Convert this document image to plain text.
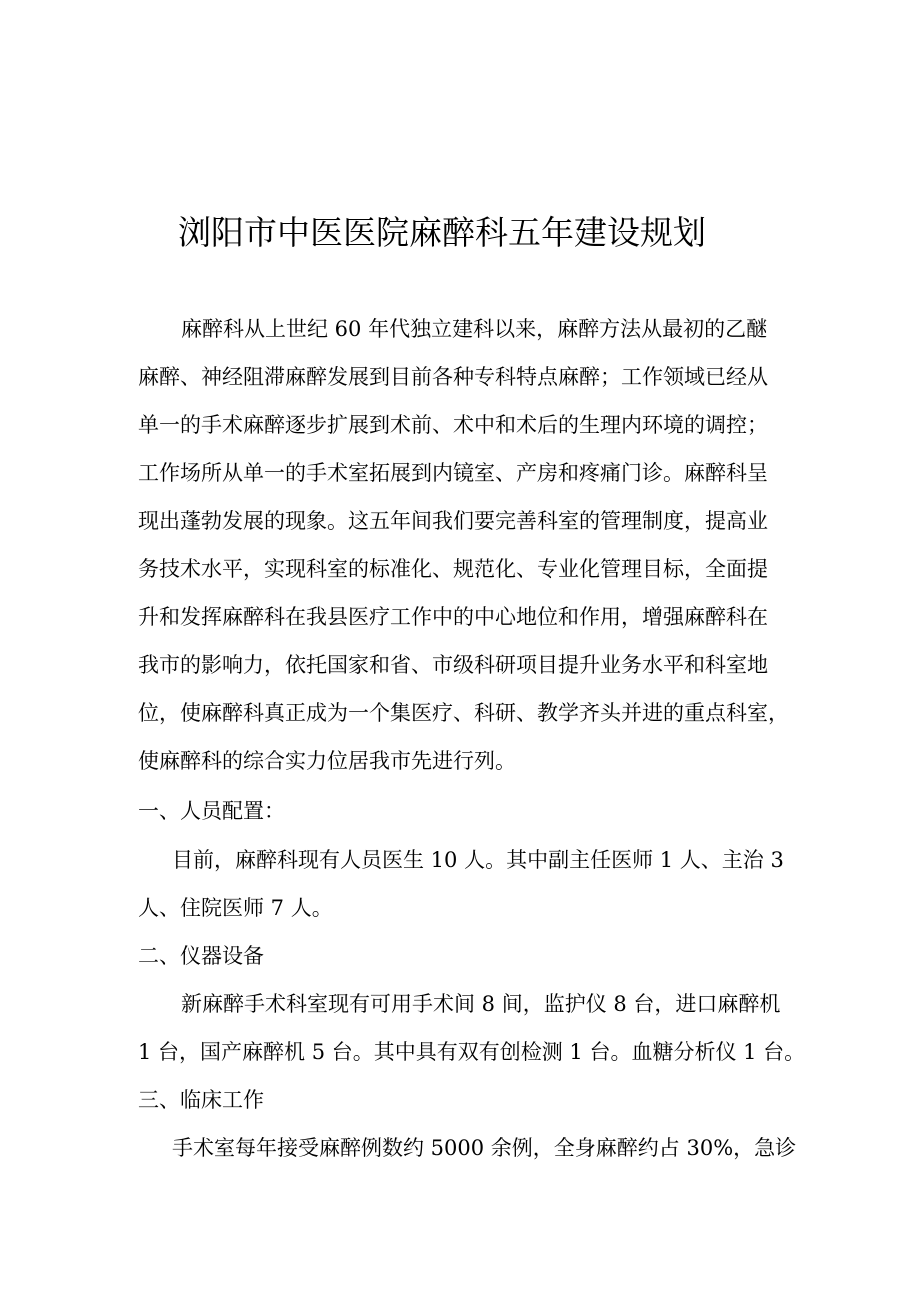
浏阳市中医医院麻醉科五年建设规划
麻醉科从上世纪 60 年代独立建科以来，麻醉方法从最初的乙醚
麻醉、神经阻滞麻醉发展到目前各种专科特点麻醉；工作领域已经从
单一的手术麻醉逐步扩展到术前、术中和术后的生理内环境的调控；
工作场所从单一的手术室拓展到内镜室、产房和疼痛门诊。麻醉科呈
现出蓬勃发展的现象。这五年间我们要完善科室的管理制度，提高业
务技术水平，实现科室的标准化、规范化、专业化管理目标，全面提
升和发挥麻醉科在我县医疗工作中的中心地位和作用，增强麻醉科在
我市的影响力，依托国家和省、市级科研项目提升业务水平和科室地
位，使麻醉科真正成为一个集医疗、科研、教学齐头并进的重点科室，
使麻醉科的综合实力位居我市先进行列。
一、人员配置：
目前，麻醉科现有人员医生 10 人。其中副主任医师 1 人、主治 3
人、住院医师 7 人。
二、仪器设备
新麻醉手术科室现有可用手术间 8 间，监护仪 8 台，进口麻醉机
1 台，国产麻醉机 5 台。其中具有双有创检测 1 台。血糖分析仪 1 台。
三、临床工作
手术室每年接受麻醉例数约 5000 余例，全身麻醉约占 30%，急诊
